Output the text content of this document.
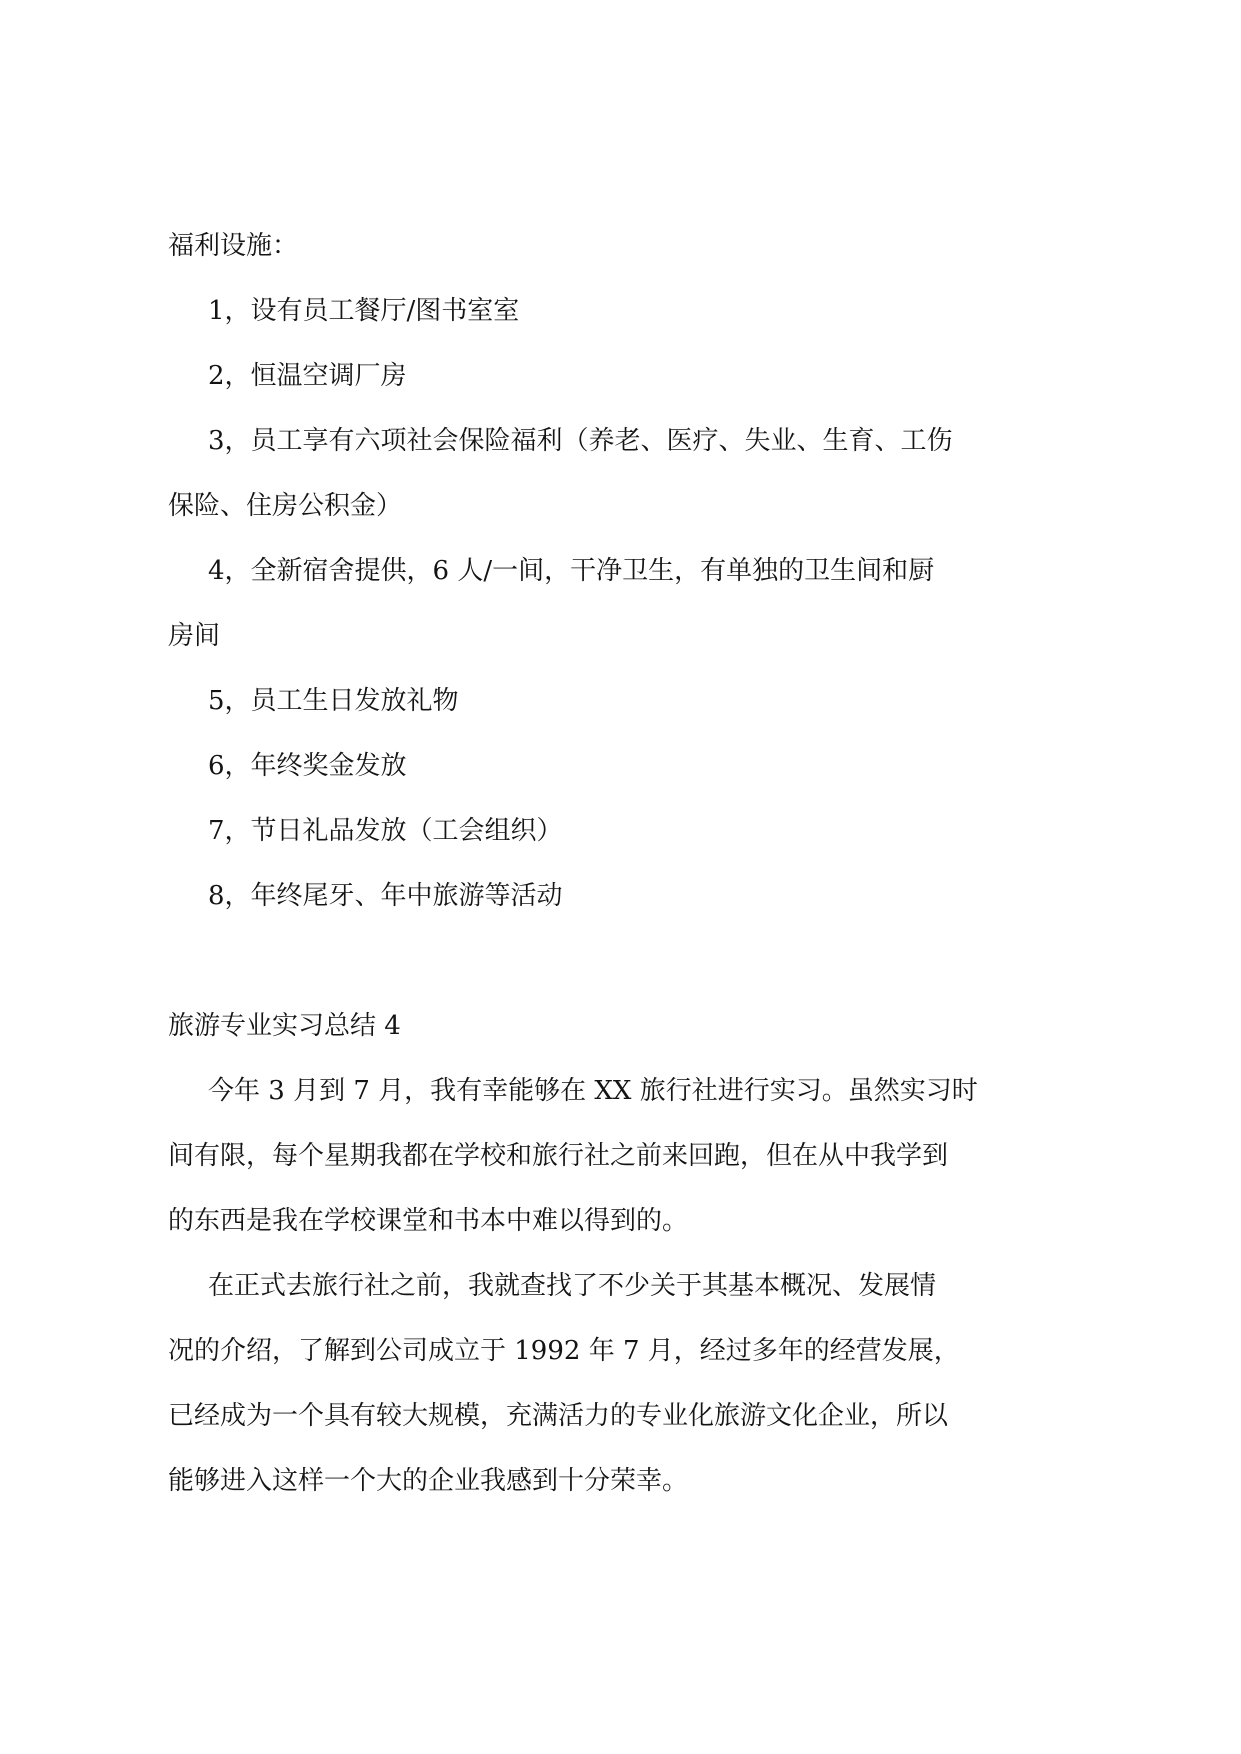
福利设施：
1，设有员工餐厅/图书室室
2，恒温空调厂房
3，员工享有六项社会保险福利（养老、医疗、失业、生育、工伤
保险、住房公积金）
4，全新宿舍提供，6 人/一间，干净卫生，有单独的卫生间和厨
房间
5，员工生日发放礼物
6，年终奖金发放
7，节日礼品发放（工会组织）
8，年终尾牙、年中旅游等活动
旅游专业实习总结 4
今年 3 月到 7 月，我有幸能够在 XX 旅行社进行实习。虽然实习时
间有限，每个星期我都在学校和旅行社之前来回跑，但在从中我学到
的东西是我在学校课堂和书本中难以得到的。
在正式去旅行社之前，我就查找了不少关于其基本概况、发展情
况的介绍，了解到公司成立于 1992 年 7 月，经过多年的经营发展，
已经成为一个具有较大规模，充满活力的专业化旅游文化企业，所以
能够进入这样一个大的企业我感到十分荣幸。
